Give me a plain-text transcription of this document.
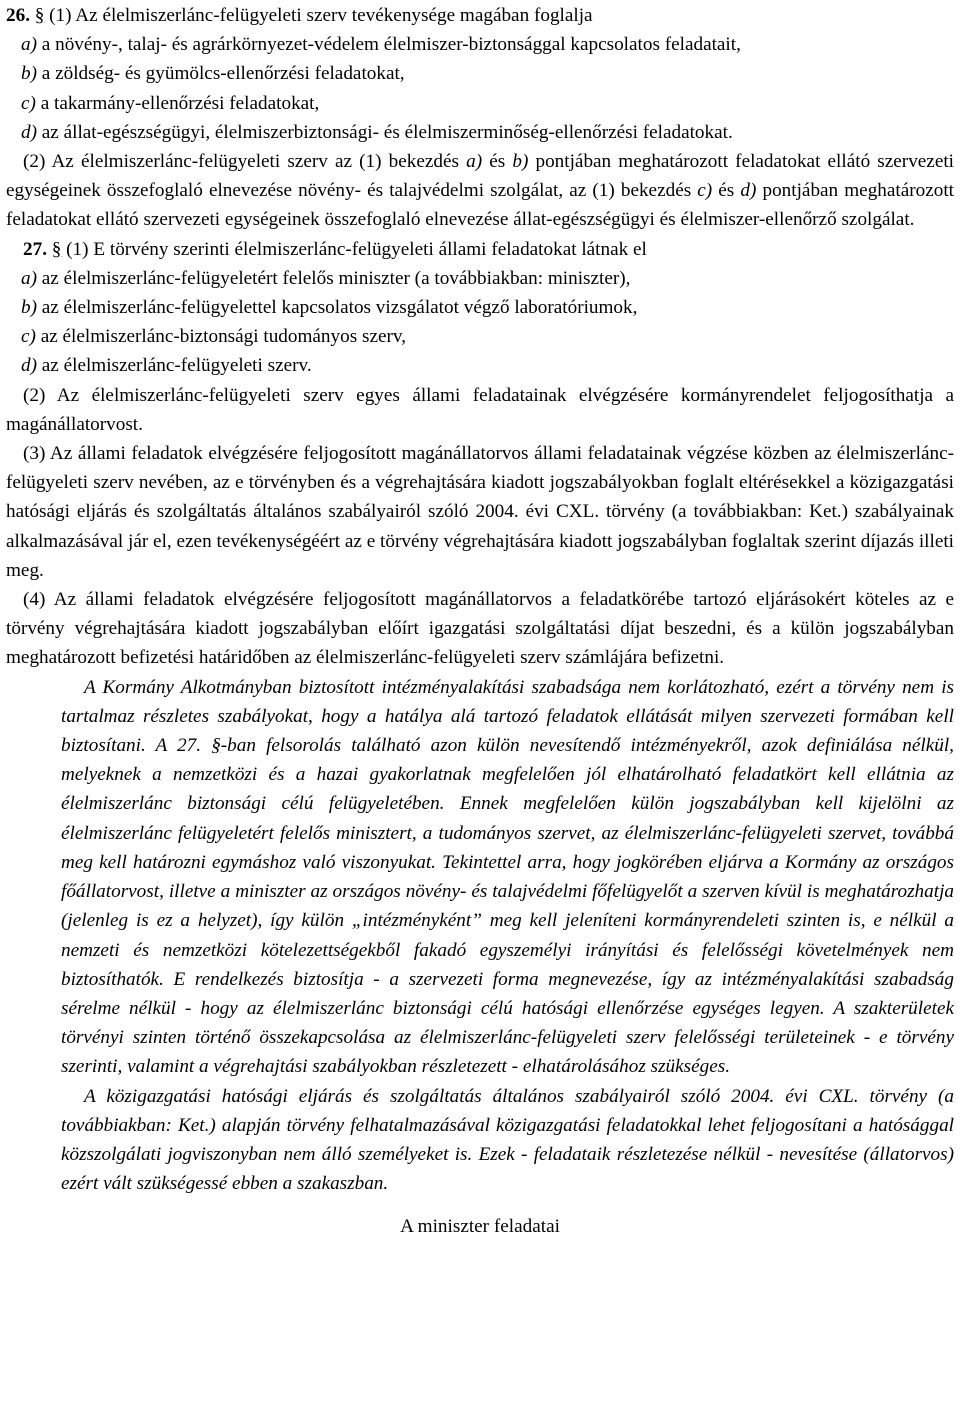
26. § (1) Az élelmiszerlánc-felügyeleti szerv tevékenysége magában foglalja

a) a növény-, talaj- és agrárkörnyezet-védelem élelmiszer-biztonsággal kapcsolatos feladatait,

b) a zöldség- és gyümölcs-ellenőrzési feladatokat,

c) a takarmány-ellenőrzési feladatokat,

d) az állat-egészségügyi, élelmiszerbiztonsági- és élelmiszerminőség-ellenőrzési feladatokat.

(2) Az élelmiszerlánc-felügyeleti szerv az (1) bekezdés a) és b) pontjában meghatározott feladatokat ellátó szervezeti egységeinek összefoglaló elnevezése növény- és talajvédelmi szolgálat, az (1) bekezdés c) és d) pontjában meghatározott feladatokat ellátó szervezeti egységeinek összefoglaló elnevezése állat-egészségügyi és élelmiszer-ellenőrző szolgálat.

27. § (1) E törvény szerinti élelmiszerlánc-felügyeleti állami feladatokat látnak el

a) az élelmiszerlánc-felügyeletért felelős miniszter (a továbbiakban: miniszter),

b) az élelmiszerlánc-felügyelettel kapcsolatos vizsgálatot végző laboratóriumok,

c) az élelmiszerlánc-biztonsági tudományos szerv,

d) az élelmiszerlánc-felügyeleti szerv.

(2) Az élelmiszerlánc-felügyeleti szerv egyes állami feladatainak elvégzésére kormányrendelet feljogosíthatja a magánállatorvost.

(3) Az állami feladatok elvégzésére feljogosított magánállatorvos állami feladatainak végzése közben az élelmiszerlánc-felügyeleti szerv nevében, az e törvényben és a végrehajtására kiadott jogszabályokban foglalt eltérésekkel a közigazgatási hatósági eljárás és szolgáltatás általános szabályairól szóló 2004. évi CXL. törvény (a továbbiakban: Ket.) szabályainak alkalmazásával jár el, ezen tevékenységéért az e törvény végrehajtására kiadott jogszabályban foglaltak szerint díjazás illeti meg.

(4) Az állami feladatok elvégzésére feljogosított magánállatorvos a feladatkörébe tartozó eljárásokért köteles az e törvény végrehajtására kiadott jogszabályban előírt igazgatási szolgáltatási díjat beszedni, és a külön jogszabályban meghatározott befizetési határidőben az élelmiszerlánc-felügyeleti szerv számlájára befizetni.

A Kormány Alkotmányban biztosított intézményalakítási szabadsága nem korlátozható, ezért a törvény nem is tartalmaz részletes szabályokat, hogy a hatálya alá tartozó feladatok ellátását milyen szervezeti formában kell biztosítani. A 27. §-ban felsorolás található azon külön nevesítendő intézményekről, azok definiálása nélkül, melyeknek a nemzetközi és a hazai gyakorlatnak megfelelően jól elhatárolható feladatkört kell ellátnia az élelmiszerlánc biztonsági célú felügyeletében. Ennek megfelelően külön jogszabályban kell kijelölni az élelmiszerlánc felügyeletért felelős minisztert, a tudományos szervet, az élelmiszerlánc-felügyeleti szervet, továbbá meg kell határozni egymáshoz való viszonyukat. Tekintettel arra, hogy jogkörében eljárva a Kormány az országos főállatorvost, illetve a miniszter az országos növény- és talajvédelmi főfelügyelőt a szerven kívül is meghatározhatja (jelenleg is ez a helyzet), így külön „intézményként” meg kell jeleníteni kormányrendeleti szinten is, e nélkül a nemzeti és nemzetközi kötelezettségekből fakadó egyszemélyi irányítási és felelősségi követelmények nem biztosíthatók. E rendelkezés biztosítja - a szervezeti forma megnevezése, így az intézményalakítási szabadság sérelme nélkül - hogy az élelmiszerlánc biztonsági célú hatósági ellenőrzése egységes legyen. A szakterületek törvényi szinten történő összekapcsolása az élelmiszerlánc-felügyeleti szerv felelősségi területeinek - e törvény szerinti, valamint a végrehajtási szabályokban részletezett - elhatárolásához szükséges.

A közigazgatási hatósági eljárás és szolgáltatás általános szabályairól szóló 2004. évi CXL. törvény (a továbbiakban: Ket.) alapján törvény felhatalmazásával közigazgatási feladatokkal lehet feljogosítani a hatósággal közszolgálati jogviszonyban nem álló személyeket is. Ezek - feladataik részletezése nélkül - nevesítése (állatorvos) ezért vált szükségessé ebben a szakaszban.

A miniszter feladatai
